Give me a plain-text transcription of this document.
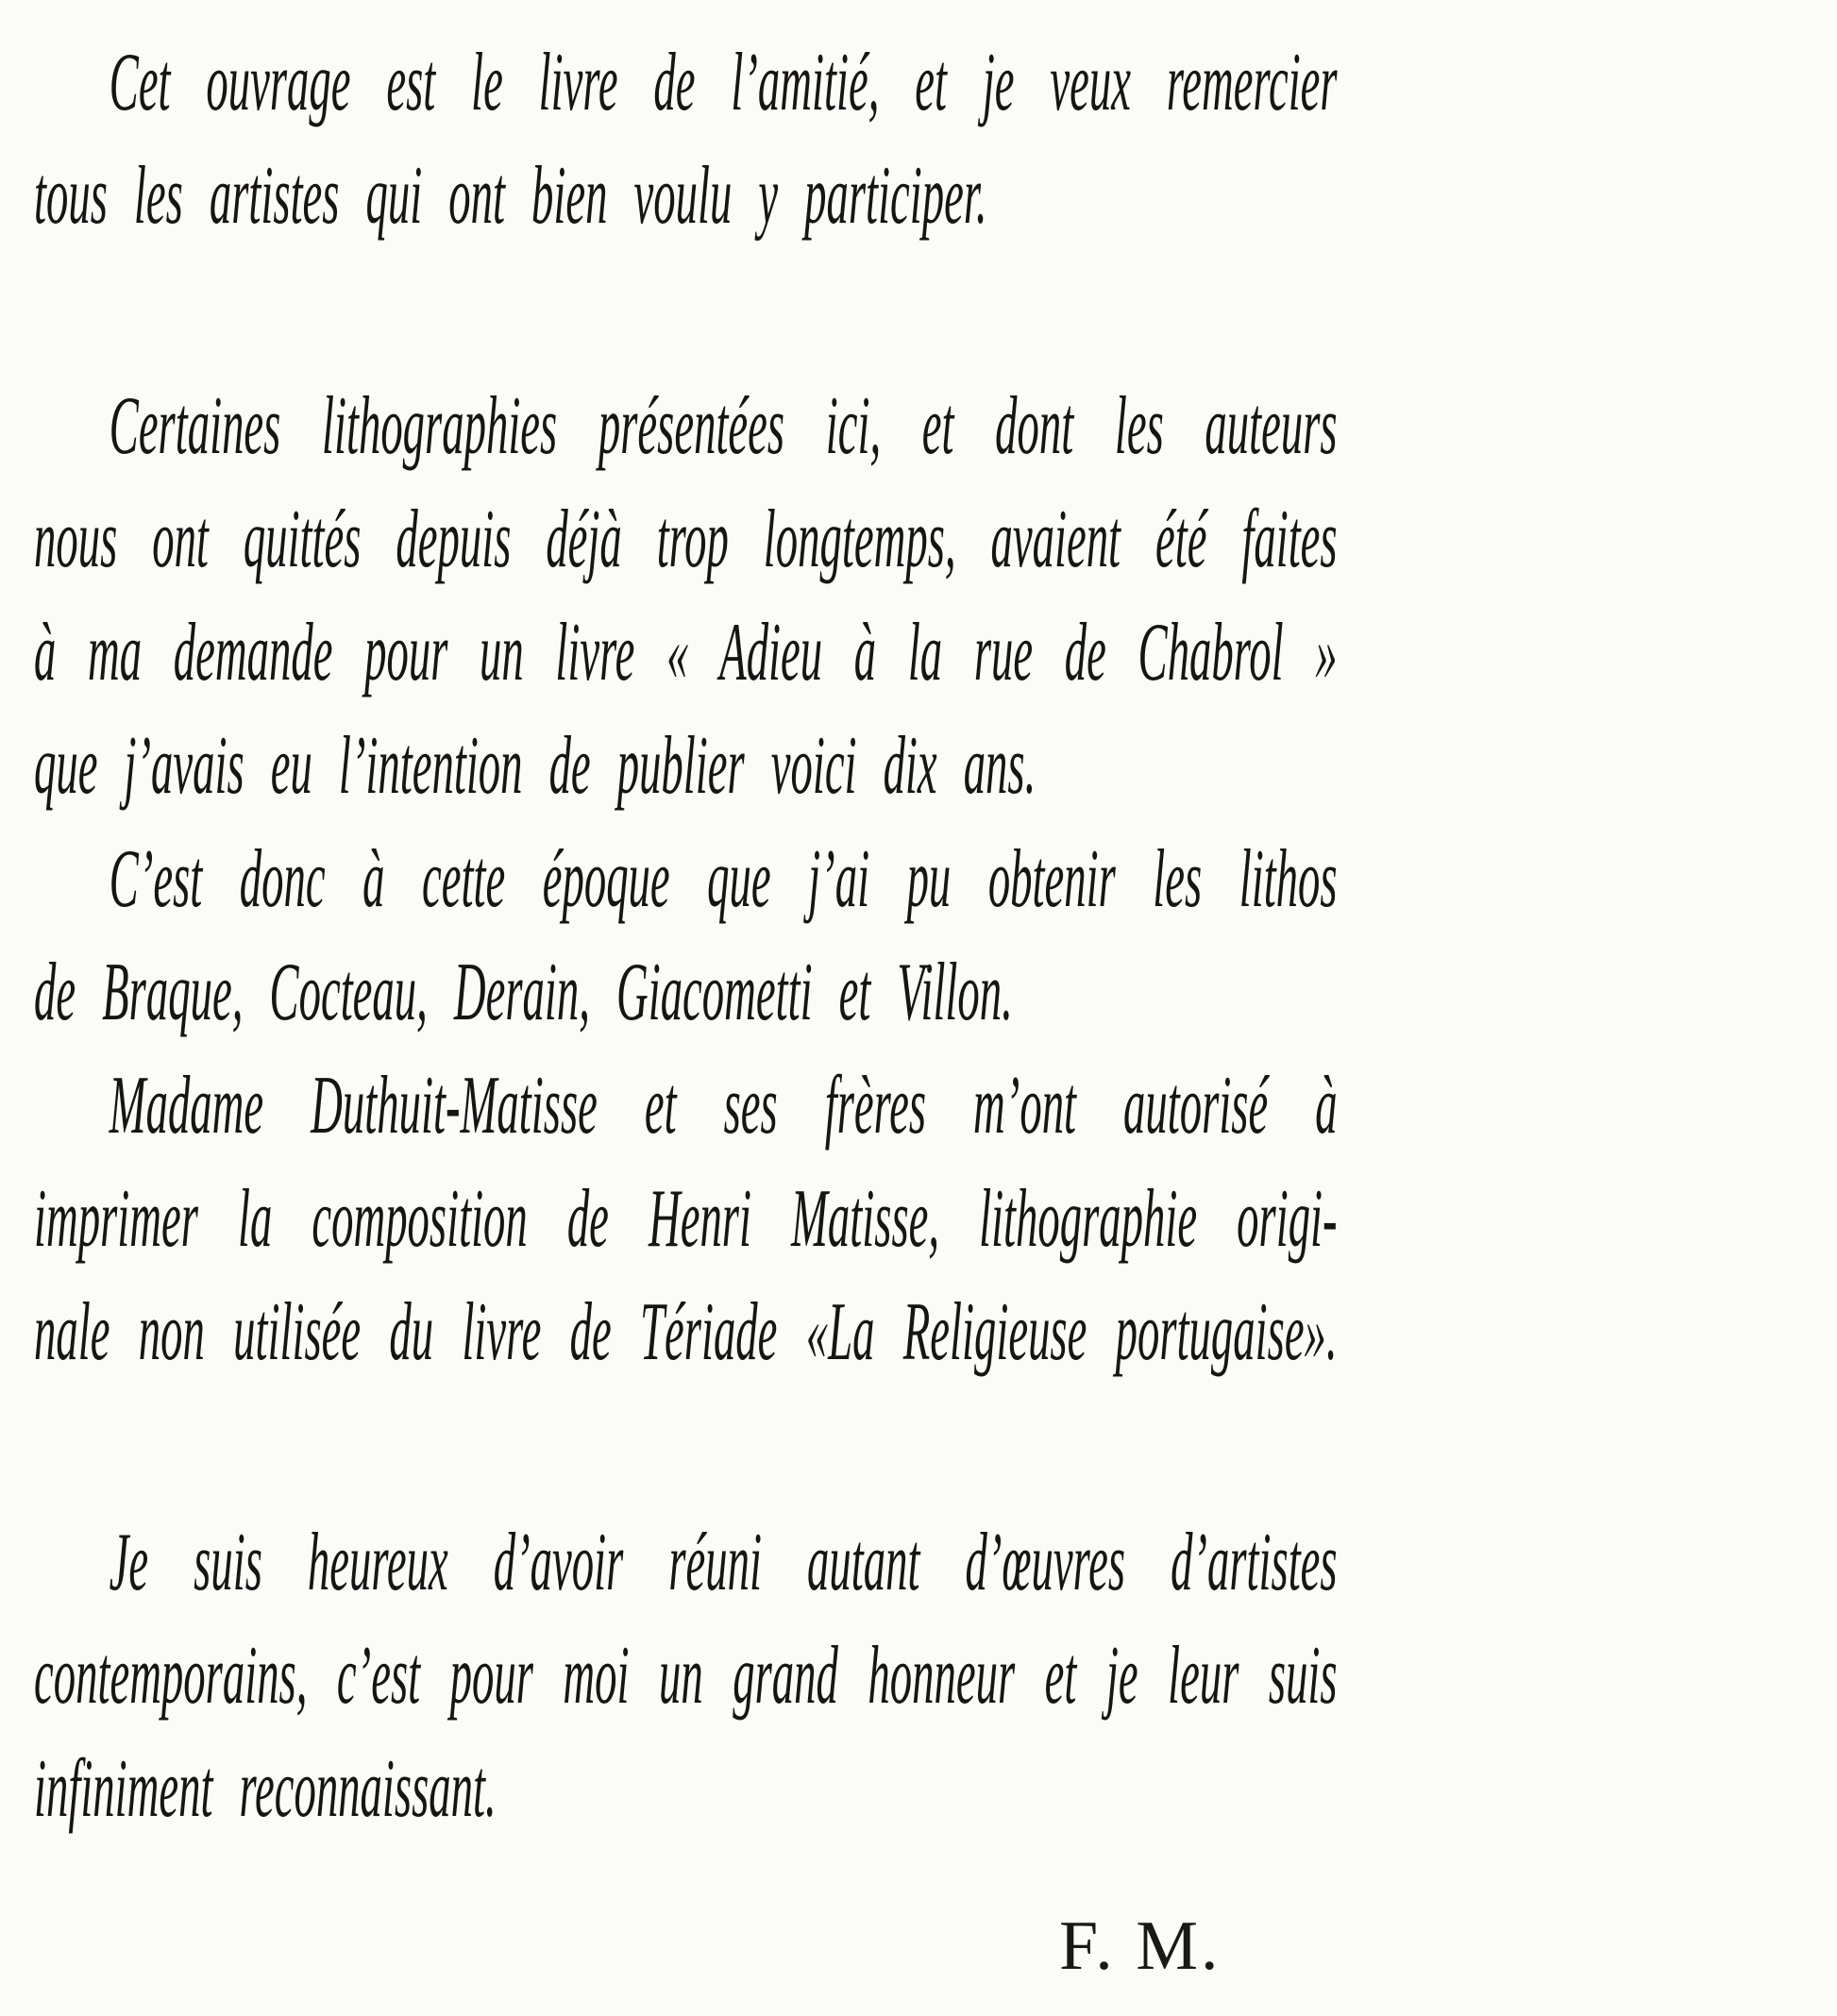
Cet ouvrage est le livre de l’amitié, et je veux remercier
tous les artistes qui ont bien voulu y participer.
Certaines lithographies présentées ici, et dont les auteurs
nous ont quittés depuis déjà trop longtemps, avaient été faites
à ma demande pour un livre « Adieu à la rue de Chabrol »
que j’avais eu l’intention de publier voici dix ans.
C’est donc à cette époque que j’ai pu obtenir les lithos
de Braque, Cocteau, Derain, Giacometti et Villon.
Madame Duthuit-Matisse et ses frères m’ont autorisé à
imprimer la composition de Henri Matisse, lithographie origi-
nale non utilisée du livre de Tériade «La Religieuse portugaise».
Je suis heureux d’avoir réuni autant d’œuvres d’artistes
contemporains, c’est pour moi un grand honneur et je leur suis
infiniment reconnaissant.
F. M.
